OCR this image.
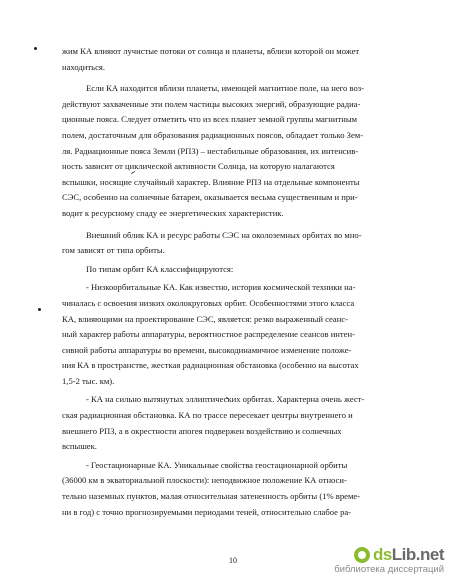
жим КА влияют лучистые потоки от солнца и планеты, вблизи которой он может
находиться.
Если КА находится вблизи планеты, имеющей магнитное поле, на него воз-
действуют захваченные эти полем частицы высоких энергий, образующие радиа-
ционные пояса. Следует отметить что из всех планет земной группы магнитным
полем, достаточным для образования радиационных поясов, обладает только Зем-
ля. Радиационные пояса Земли (РПЗ) – нестабильные образования, их интенсив-
ность зависит от циклической активности Солнца, на которую налагаются
вспышки, носящие случайный характер. Влияние РПЗ на отдельные компоненты
СЭС, особенно на солнечные батареи, оказывается весьма существенным и при-
водит к ресурсному спаду ее энергетических характеристик.
Внешний облик КА и ресурс работы СЭС на околоземных орбитах во мно-
гом зависят от типа орбиты.
По типам орбит КА классифицируются:
- Низкоорбитальные КА. Как известно, история космической техники на-
чиналась с освоения низких околокруговых орбит. Особенностями этого класса
КА, влияющими на проектирование СЭС, является: резко выраженный сеанс-
ный характер работы аппаратуры, вероятностное распределение сеансов интен-
сивной работы аппаратуры во времени, высокодинамичное изменение положе-
ния КА в пространстве, жесткая радиационная обстановка (особенно на высотах
1,5-2 тыс. км).
- КА на сильно вытянутых эллиптических орбитах. Характерна очень жест-
ская радиационная обстановка. КА по трассе пересекает центры внутреннего и
внешнего РПЗ, а в окрестности апогея подвержен воздействию и солнечных
вспышек.
- Геостационарные КА. Уникальные свойства геостационарной орбиты
(36000 км в экваториальной плоскости): неподвижное положение КА относи-
тельно наземных пунктов, малая относительная затененность орбиты (1% време-
ни в год) с точно прогнозируемыми периодами теней, относительно слабое ра-
10	dsLib.net
библиотека диссертаций
